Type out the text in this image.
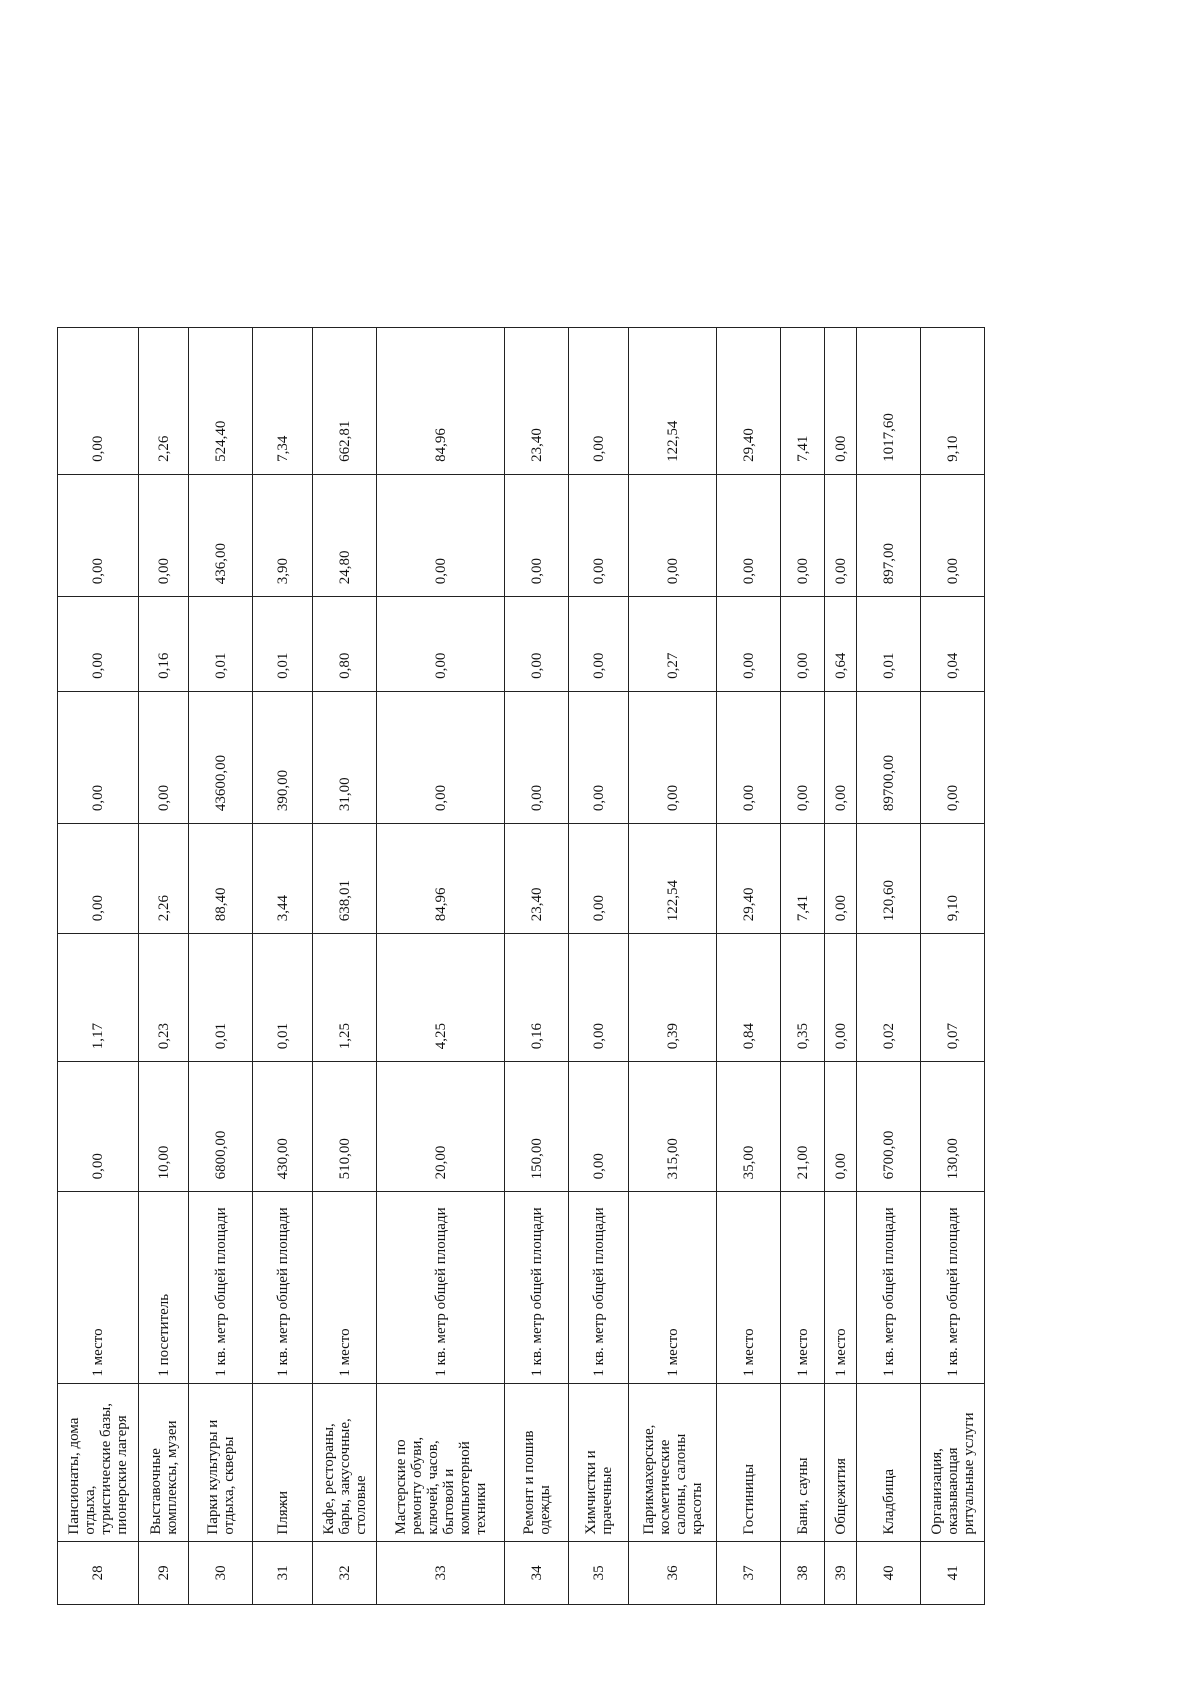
28	Пансионаты, дома отдыха, туристические базы, пионерские лагеря	1 место	0,00	1,17	0,00	0,00	0,00	0,00	0,00
29	Выставочные комплексы, музеи	1 посетитель	10,00	0,23	2,26	0,00	0,16	0,00	2,26
30	Парки культуры и отдыха, скверы	1 кв. метр общей площади	6800,00	0,01	88,40	43600,00	0,01	436,00	524,40
31	Пляжи	1 кв. метр общей площади	430,00	0,01	3,44	390,00	0,01	3,90	7,34
32	Кафе, рестораны, бары, закусочные, столовые	1 место	510,00	1,25	638,01	31,00	0,80	24,80	662,81
33	Мастерские по ремонту обуви, ключей, часов, бытовой и компьютерной техники	1 кв. метр общей площади	20,00	4,25	84,96	0,00	0,00	0,00	84,96
34	Ремонт и пошив одежды	1 кв. метр общей площади	150,00	0,16	23,40	0,00	0,00	0,00	23,40
35	Химчистки и прачечные	1 кв. метр общей площади	0,00	0,00	0,00	0,00	0,00	0,00	0,00
36	Парикмахерские, косметические салоны, салоны красоты	1 место	315,00	0,39	122,54	0,00	0,27	0,00	122,54
37	Гостиницы	1 место	35,00	0,84	29,40	0,00	0,00	0,00	29,40
38	Бани, сауны	1 место	21,00	0,35	7,41	0,00	0,00	0,00	7,41
39	Общежития	1 место	0,00	0,00	0,00	0,00	0,64	0,00	0,00
40	Кладбища	1 кв. метр общей площади	6700,00	0,02	120,60	89700,00	0,01	897,00	1017,60
41	Организация, оказывающая ритуальные услуги	1 кв. метр общей площади	130,00	0,07	9,10	0,00	0,04	0,00	9,10
